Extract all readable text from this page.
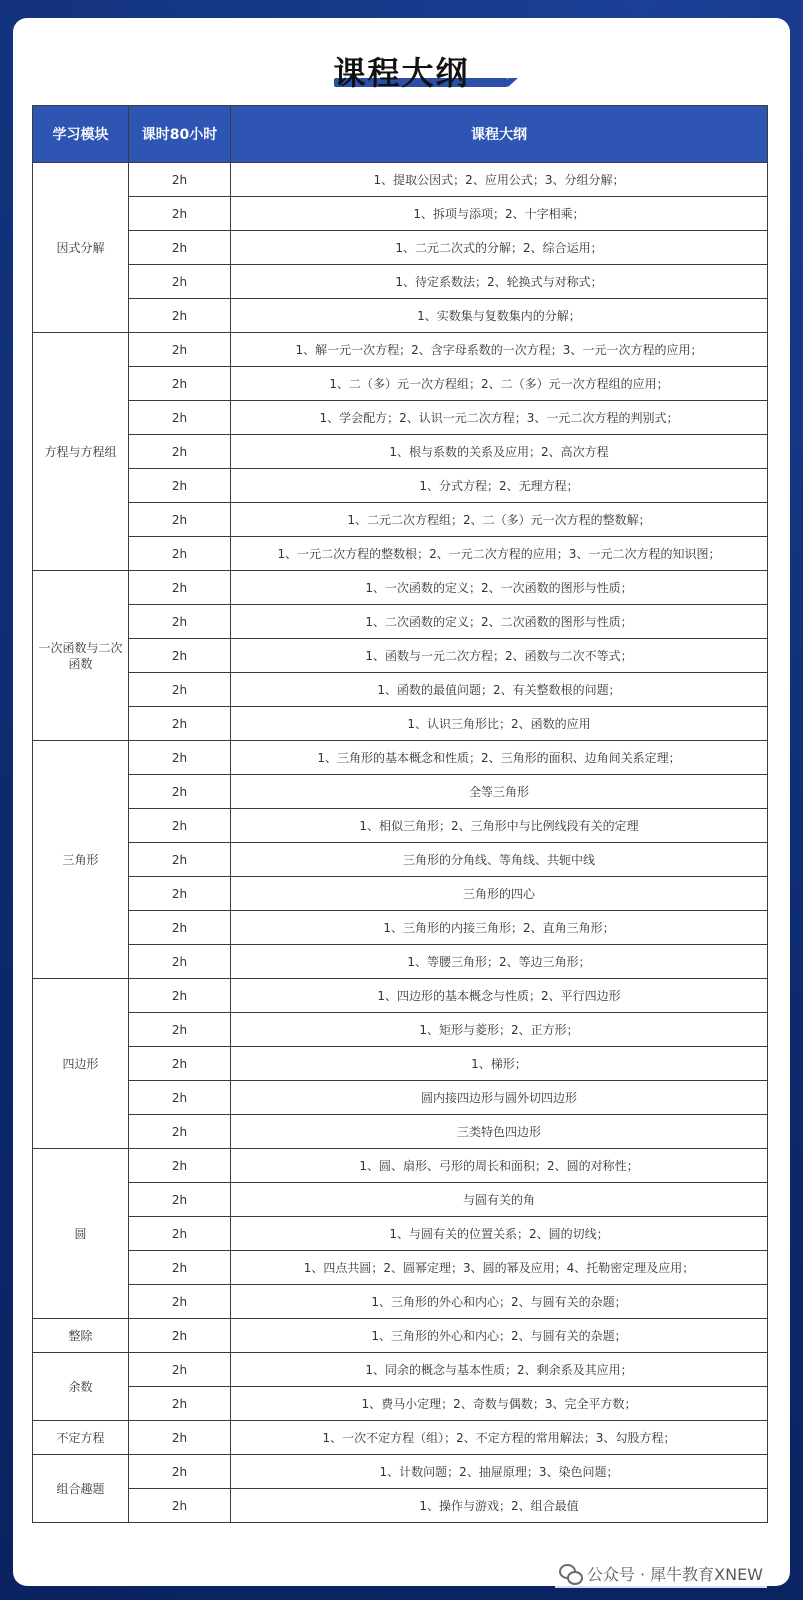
课程大纲
学习模块	课时80小时	课程大纲
因式分解	2h	1、提取公因式；2、应用公式；3、分组分解；
	2h	1、拆项与添项；2、十字相乘；
	2h	1、二元二次式的分解；2、综合运用；
	2h	1、待定系数法；2、轮换式与对称式；
	2h	1、实数集与复数集内的分解；
方程与方程组	2h	1、解一元一次方程；2、含字母系数的一次方程；3、一元一次方程的应用；
	2h	1、二（多）元一次方程组；2、二（多）元一次方程组的应用；
	2h	1、学会配方；2、认识一元二次方程；3、一元二次方程的判别式；
	2h	1、根与系数的关系及应用；2、高次方程
	2h	1、分式方程；2、无理方程；
	2h	1、二元二次方程组；2、二（多）元一次方程的整数解；
	2h	1、一元二次方程的整数根；2、一元二次方程的应用；3、一元二次方程的知识图；
一次函数与二次函数	2h	1、一次函数的定义；2、一次函数的图形与性质；
	2h	1、二次函数的定义；2、二次函数的图形与性质；
	2h	1、函数与一元二次方程；2、函数与二次不等式；
	2h	1、函数的最值问题；2、有关整数根的问题；
	2h	1、认识三角形比；2、函数的应用
三角形	2h	1、三角形的基本概念和性质；2、三角形的面积、边角间关系定理；
	2h	全等三角形
	2h	1、相似三角形；2、三角形中与比例线段有关的定理
	2h	三角形的分角线、等角线、共轭中线
	2h	三角形的四心
	2h	1、三角形的内接三角形；2、直角三角形；
	2h	1、等腰三角形；2、等边三角形；
四边形	2h	1、四边形的基本概念与性质；2、平行四边形
	2h	1、矩形与菱形；2、正方形；
	2h	1、梯形；
	2h	圆内接四边形与圆外切四边形
	2h	三类特色四边形
圆	2h	1、圆、扇形、弓形的周长和面积；2、圆的对称性；
	2h	与圆有关的角
	2h	1、与圆有关的位置关系；2、圆的切线；
	2h	1、四点共圆；2、圆幂定理；3、圆的幂及应用；4、托勒密定理及应用；
	2h	1、三角形的外心和内心；2、与圆有关的杂题；
整除	2h	1、三角形的外心和内心；2、与圆有关的杂题；
余数	2h	1、同余的概念与基本性质；2、剩余系及其应用；
	2h	1、费马小定理；2、奇数与偶数；3、完全平方数；
不定方程	2h	1、一次不定方程（组）；2、不定方程的常用解法；3、勾股方程；
组合趣题	2h	1、计数问题；2、抽屉原理；3、染色问题；
	2h	1、操作与游戏；2、组合最值
公众号 · 犀牛教育XNEW
